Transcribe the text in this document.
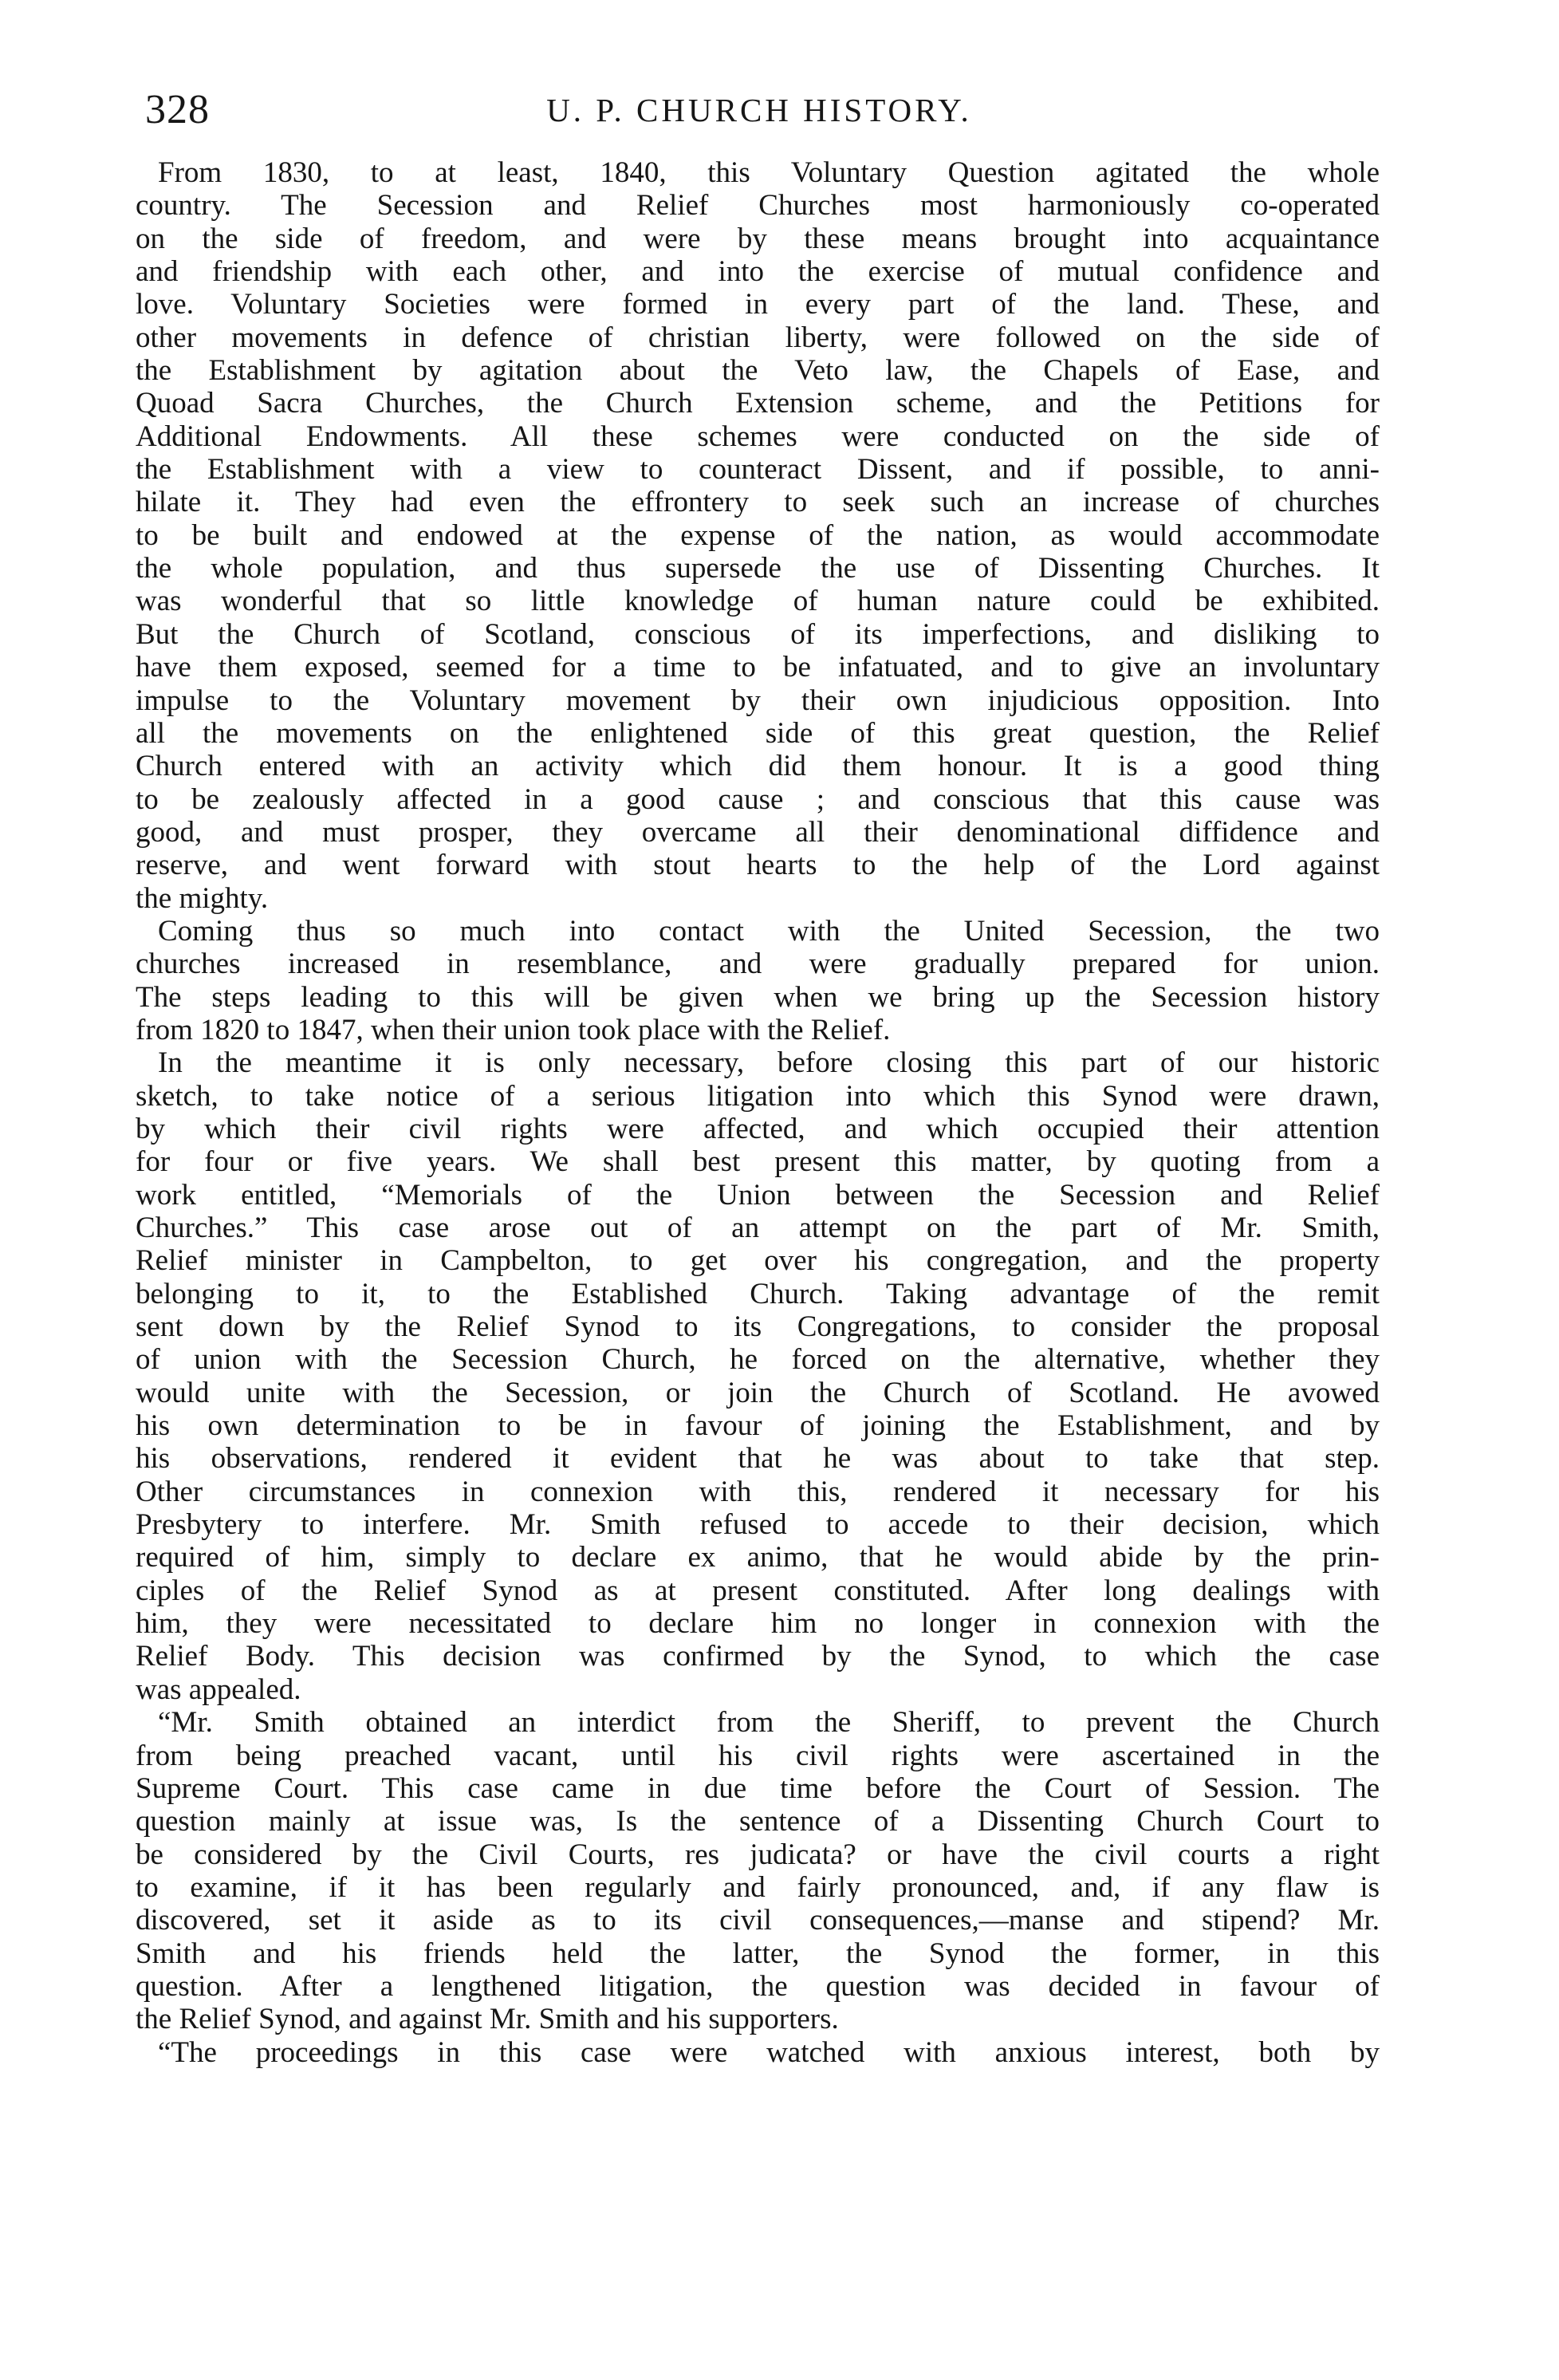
328	U. P. CHURCH HISTORY.
From 1830, to at least, 1840, this Voluntary Question agitated the whole
country. The Secession and Relief Churches most harmoniously co-operated
on the side of freedom, and were by these means brought into acquaintance
and friendship with each other, and into the exercise of mutual confidence and
love. Voluntary Societies were formed in every part of the land. These, and
other movements in defence of christian liberty, were followed on the side of
the Establishment by agitation about the Veto law, the Chapels of Ease, and
Quoad Sacra Churches, the Church Extension scheme, and the Petitions for
Additional Endowments. All these schemes were conducted on the side of
the Establishment with a view to counteract Dissent, and if possible, to anni-
hilate it. They had even the effrontery to seek such an increase of churches
to be built and endowed at the expense of the nation, as would accommodate
the whole population, and thus supersede the use of Dissenting Churches. It
was wonderful that so little knowledge of human nature could be exhibited.
But the Church of Scotland, conscious of its imperfections, and disliking to
have them exposed, seemed for a time to be infatuated, and to give an involuntary
impulse to the Voluntary movement by their own injudicious opposition. Into
all the movements on the enlightened side of this great question, the Relief
Church entered with an activity which did them honour. It is a good thing
to be zealously affected in a good cause ; and conscious that this cause was
good, and must prosper, they overcame all their denominational diffidence and
reserve, and went forward with stout hearts to the help of the Lord against
the mighty.
Coming thus so much into contact with the United Secession, the two
churches increased in resemblance, and were gradually prepared for union.
The steps leading to this will be given when we bring up the Secession history
from 1820 to 1847, when their union took place with the Relief.
In the meantime it is only necessary, before closing this part of our historic
sketch, to take notice of a serious litigation into which this Synod were drawn,
by which their civil rights were affected, and which occupied their attention
for four or five years. We shall best present this matter, by quoting from a
work entitled, “Memorials of the Union between the Secession and Relief
Churches.” This case arose out of an attempt on the part of Mr. Smith,
Relief minister in Campbelton, to get over his congregation, and the property
belonging to it, to the Established Church. Taking advantage of the remit
sent down by the Relief Synod to its Congregations, to consider the proposal
of union with the Secession Church, he forced on the alternative, whether they
would unite with the Secession, or join the Church of Scotland. He avowed
his own determination to be in favour of joining the Establishment, and by
his observations, rendered it evident that he was about to take that step.
Other circumstances in connexion with this, rendered it necessary for his
Presbytery to interfere. Mr. Smith refused to accede to their decision, which
required of him, simply to declare ex animo, that he would abide by the prin-
ciples of the Relief Synod as at present constituted. After long dealings with
him, they were necessitated to declare him no longer in connexion with the
Relief Body. This decision was confirmed by the Synod, to which the case
was appealed.
“Mr. Smith obtained an interdict from the Sheriff, to prevent the Church
from being preached vacant, until his civil rights were ascertained in the
Supreme Court. This case came in due time before the Court of Session. The
question mainly at issue was, Is the sentence of a Dissenting Church Court to
be considered by the Civil Courts, res judicata? or have the civil courts a right
to examine, if it has been regularly and fairly pronounced, and, if any flaw is
discovered, set it aside as to its civil consequences,—manse and stipend? Mr.
Smith and his friends held the latter, the Synod the former, in this
question. After a lengthened litigation, the question was decided in favour of
the Relief Synod, and against Mr. Smith and his supporters.
“The proceedings in this case were watched with anxious interest, both by
